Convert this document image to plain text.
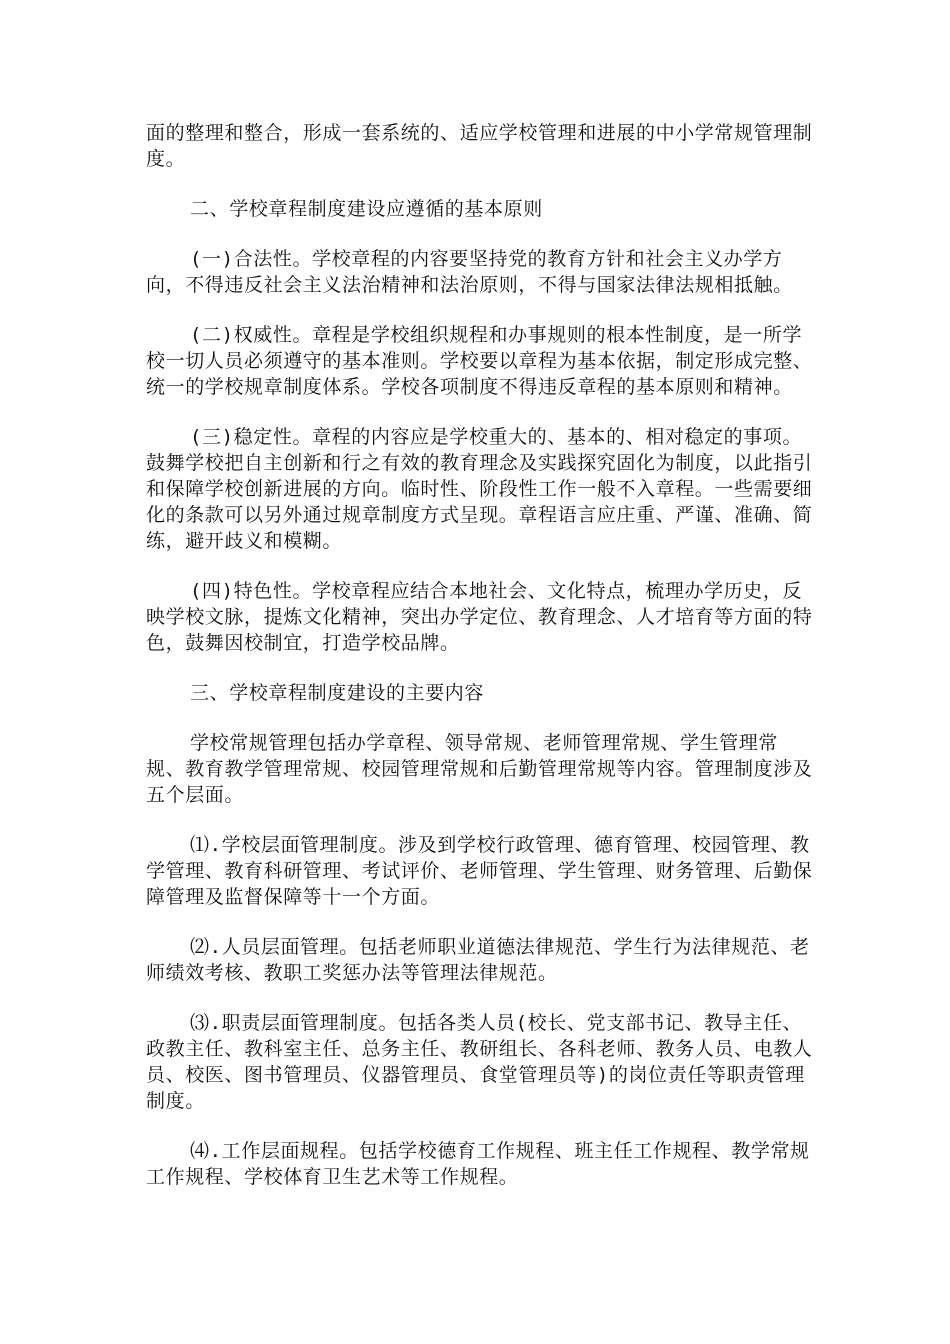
面的整理和整合，形成一套系统的、适应学校管理和进展的中小学常规管理制度。

二、学校章程制度建设应遵循的基本原则

(一)合法性。学校章程的内容要坚持党的教育方针和社会主义办学方向，不得违反社会主义法治精神和法治原则，不得与国家法律法规相抵触。

(二)权威性。章程是学校组织规程和办事规则的根本性制度，是一所学校一切人员必须遵守的基本准则。学校要以章程为基本依据，制定形成完整、统一的学校规章制度体系。学校各项制度不得违反章程的基本原则和精神。

(三)稳定性。章程的内容应是学校重大的、基本的、相对稳定的事项。鼓舞学校把自主创新和行之有效的教育理念及实践探究固化为制度，以此指引和保障学校创新进展的方向。临时性、阶段性工作一般不入章程。一些需要细化的条款可以另外通过规章制度方式呈现。章程语言应庄重、严谨、准确、简练，避开歧义和模糊。

(四)特色性。学校章程应结合本地社会、文化特点，梳理办学历史，反映学校文脉，提炼文化精神，突出办学定位、教育理念、人才培育等方面的特色，鼓舞因校制宜，打造学校品牌。

三、学校章程制度建设的主要内容

学校常规管理包括办学章程、领导常规、老师管理常规、学生管理常规、教育教学管理常规、校园管理常规和后勤管理常规等内容。管理制度涉及五个层面。

⑴.学校层面管理制度。涉及到学校行政管理、德育管理、校园管理、教学管理、教育科研管理、考试评价、老师管理、学生管理、财务管理、后勤保障管理及监督保障等十一个方面。

⑵.人员层面管理。包括老师职业道德法律规范、学生行为法律规范、老师绩效考核、教职工奖惩办法等管理法律规范。

⑶.职责层面管理制度。包括各类人员(校长、党支部书记、教导主任、政教主任、教科室主任、总务主任、教研组长、各科老师、教务人员、电教人员、校医、图书管理员、仪器管理员、食堂管理员等)的岗位责任等职责管理制度。

⑷.工作层面规程。包括学校德育工作规程、班主任工作规程、教学常规工作规程、学校体育卫生艺术等工作规程。
